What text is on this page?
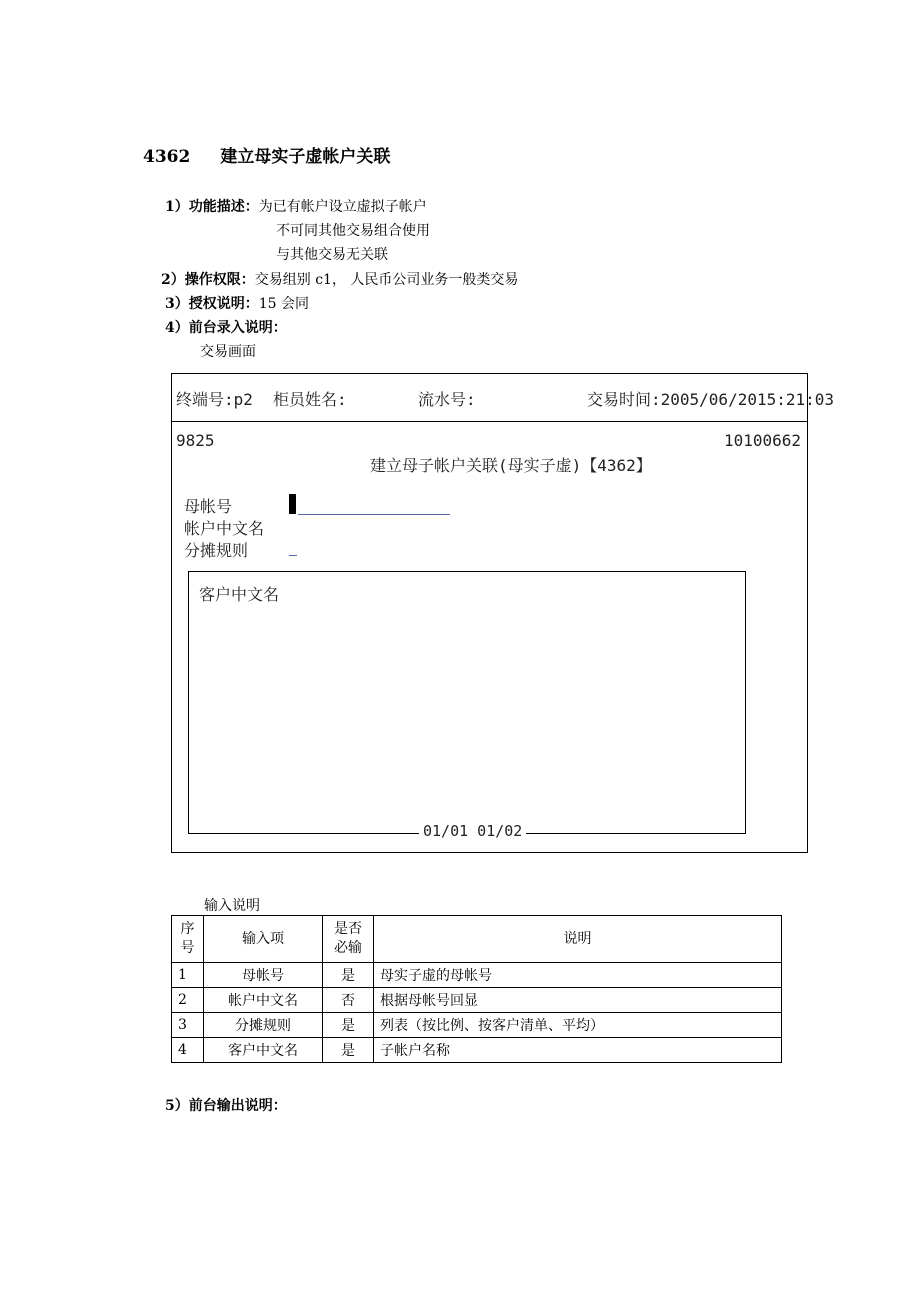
4362 建立母实子虚帐户关联
1）功能描述：为已有帐户设立虚拟子帐户
不可同其他交易组合使用
与其他交易无关联
2）操作权限：交易组别 c1， 人民币公司业务一般类交易
3）授权说明：15 会同
4）前台录入说明：
交易画面
终端号:p2 柜员姓名:	流水号:	交易时间:2005/06/2015:21:03
9825	10100662
建立母子帐户关联(母实子虚)【4362】
母帐号
帐户中文名
分摊规则
客户中文名
01/01 01/02
输入说明
序号	输入项	是否必输	说明
1	母帐号	是	母实子虚的母帐号
2	帐户中文名	否	根据母帐号回显
3	分摊规则	是	列表（按比例、按客户清单、平均）
4	客户中文名	是	子帐户名称
5）前台输出说明：
